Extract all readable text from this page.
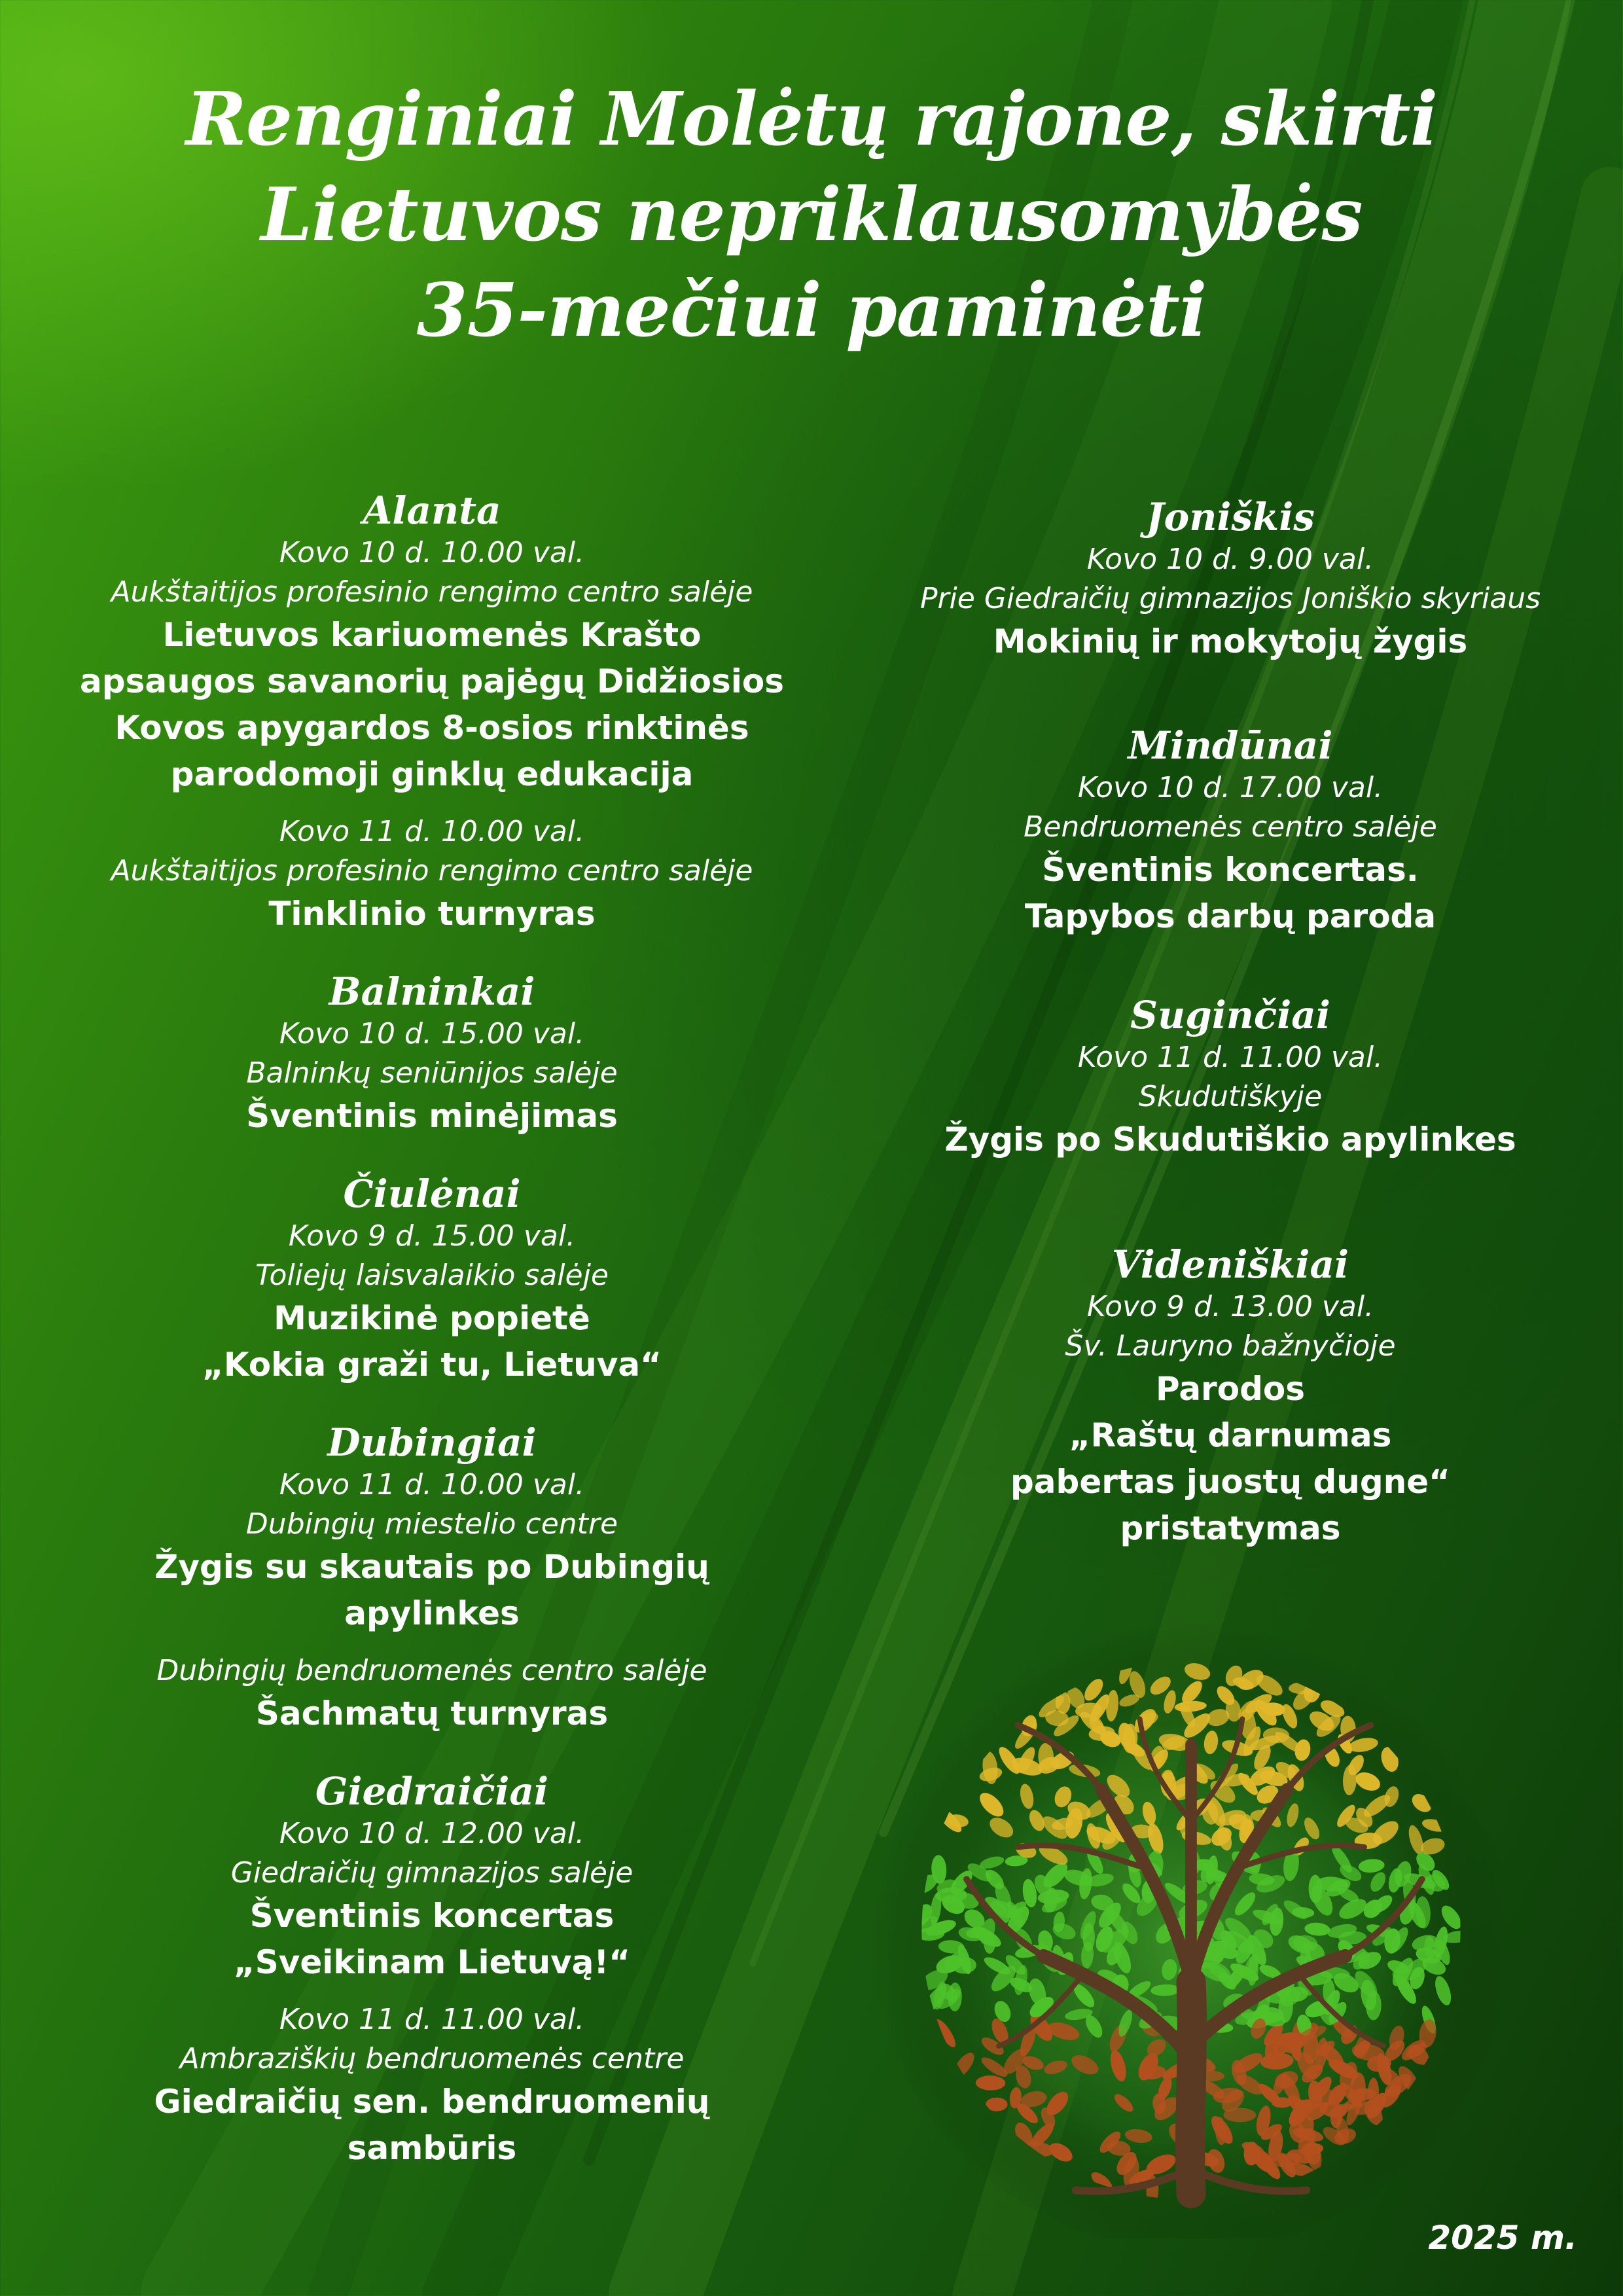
Renginiai Molėtų rajone, skirti
Lietuvos nepriklausomybės
35-mečiui paminėti
Alanta
Kovo 10 d. 10.00 val.
Aukštaitijos profesinio rengimo centro salėje
Lietuvos kariuomenės Krašto
apsaugos savanorių pajėgų Didžiosios
Kovos apygardos 8-osios rinktinės
parodomoji ginklų edukacija
Kovo 11 d. 10.00 val.
Aukštaitijos profesinio rengimo centro salėje
Tinklinio turnyras
Balninkai
Kovo 10 d. 15.00 val.
Balninkų seniūnijos salėje
Šventinis minėjimas
Čiulėnai
Kovo 9 d. 15.00 val.
Toliejų laisvalaikio salėje
Muzikinė popietė
„Kokia graži tu, Lietuva“
Dubingiai
Kovo 11 d. 10.00 val.
Dubingių miestelio centre
Žygis su skautais po Dubingių
apylinkes
Dubingių bendruomenės centro salėje
Šachmatų turnyras
Giedraičiai
Kovo 10 d. 12.00 val.
Giedraičių gimnazijos salėje
Šventinis koncertas
„Sveikinam Lietuvą!“
Kovo 11 d. 11.00 val.
Ambraziškių bendruomenės centre
Giedraičių sen. bendruomenių
sambūris
Joniškis
Kovo 10 d. 9.00 val.
Prie Giedraičių gimnazijos Joniškio skyriaus
Mokinių ir mokytojų žygis
Mindūnai
Kovo 10 d. 17.00 val.
Bendruomenės centro salėje
Šventinis koncertas.
Tapybos darbų paroda
Suginčiai
Kovo 11 d. 11.00 val.
Skudutiškyje
Žygis po Skudutiškio apylinkes
Videniškiai
Kovo 9 d. 13.00 val.
Šv. Lauryno bažnyčioje
Parodos
„Raštų darnumas
pabertas juostų dugne“
pristatymas

2025 m.
